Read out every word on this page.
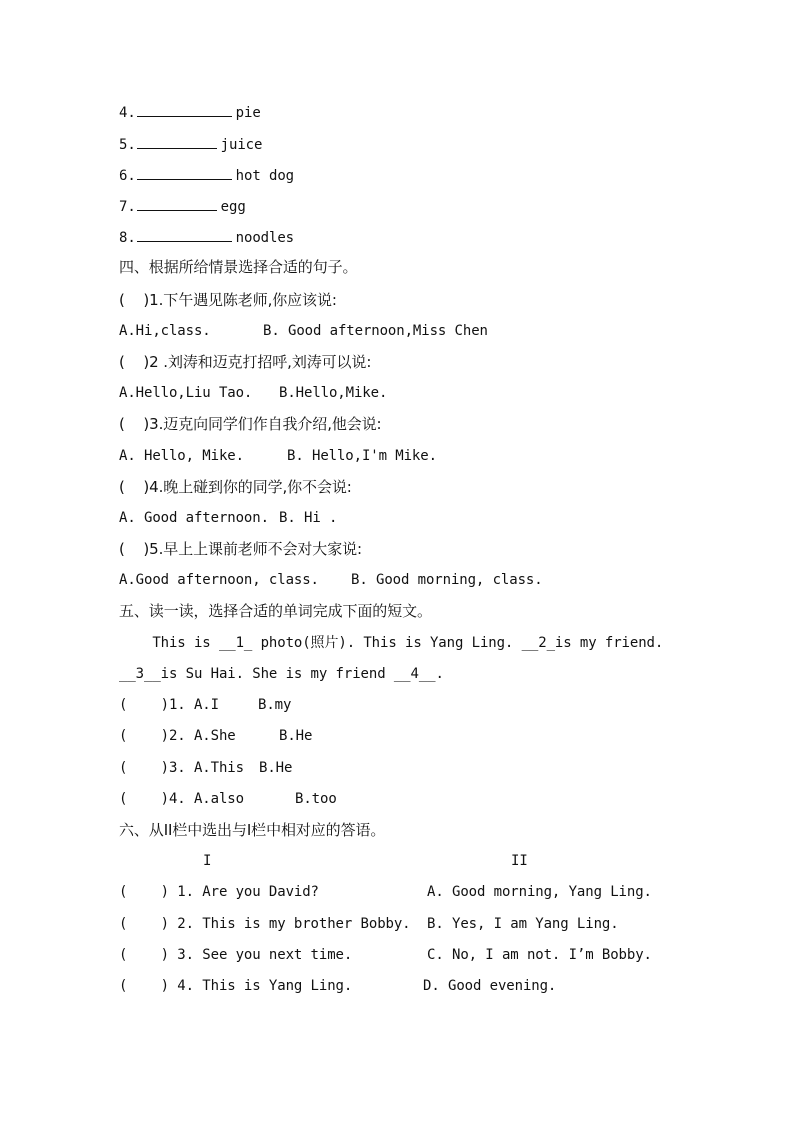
4.	pie
5.	juice
6.	hot dog
7.	egg
8.	noodles
四、根据所给情景选择合适的句子。
(    )1.下午遇见陈老师,你应该说:
A.Hi,class.	B. Good afternoon,Miss Chen
(    )2 .刘涛和迈克打招呼,刘涛可以说:
A.Hello,Liu Tao. B.Hello,Mike.
(    )3.迈克向同学们作自我介绍,他会说:
A. Hello, Mike.	B. Hello,I'm Mike.
(    )4.晚上碰到你的同学,你不会说:
A. Good afternoon. B. Hi .
(    )5.早上上课前老师不会对大家说:
A.Good afternoon, class. B. Good morning, class.
五、读一读，选择合适的单词完成下面的短文。
This is __1_ photo(照片). This is Yang Ling. __2_is my friend.
__3__is Su Hai. She is my friend __4__.
(    )1. A.I	B.my
(    )2. A.She	B.He
(    )3. A.This B.He
(    )4. A.also	B.too
六、从II栏中选出与I栏中相对应的答语。
I	II
(    ) 1. Are you David?	A. Good morning, Yang Ling.
(    ) 2. This is my brother Bobby. B. Yes, I am Yang Ling.
(    ) 3. See you next time.	C. No, I am not. I’m Bobby.
(    ) 4. This is Yang Ling.	D. Good evening.
